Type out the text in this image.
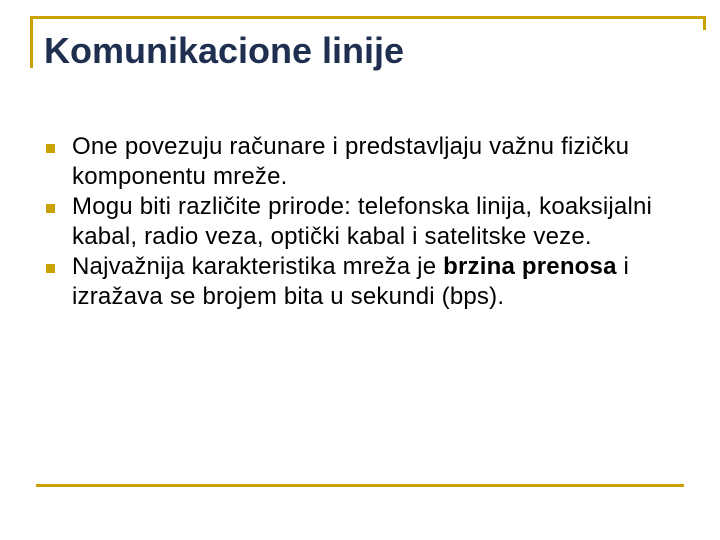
Komunikacione linije
One povezuju računare i predstavljaju važnu fizičku komponentu mreže.
Mogu biti različite prirode: telefonska linija, koaksijalni kabal, radio veza, optički kabal i satelitske veze.
Najvažnija karakteristika mreža je brzina prenosa i izražava se brojem bita u sekundi (bps).
